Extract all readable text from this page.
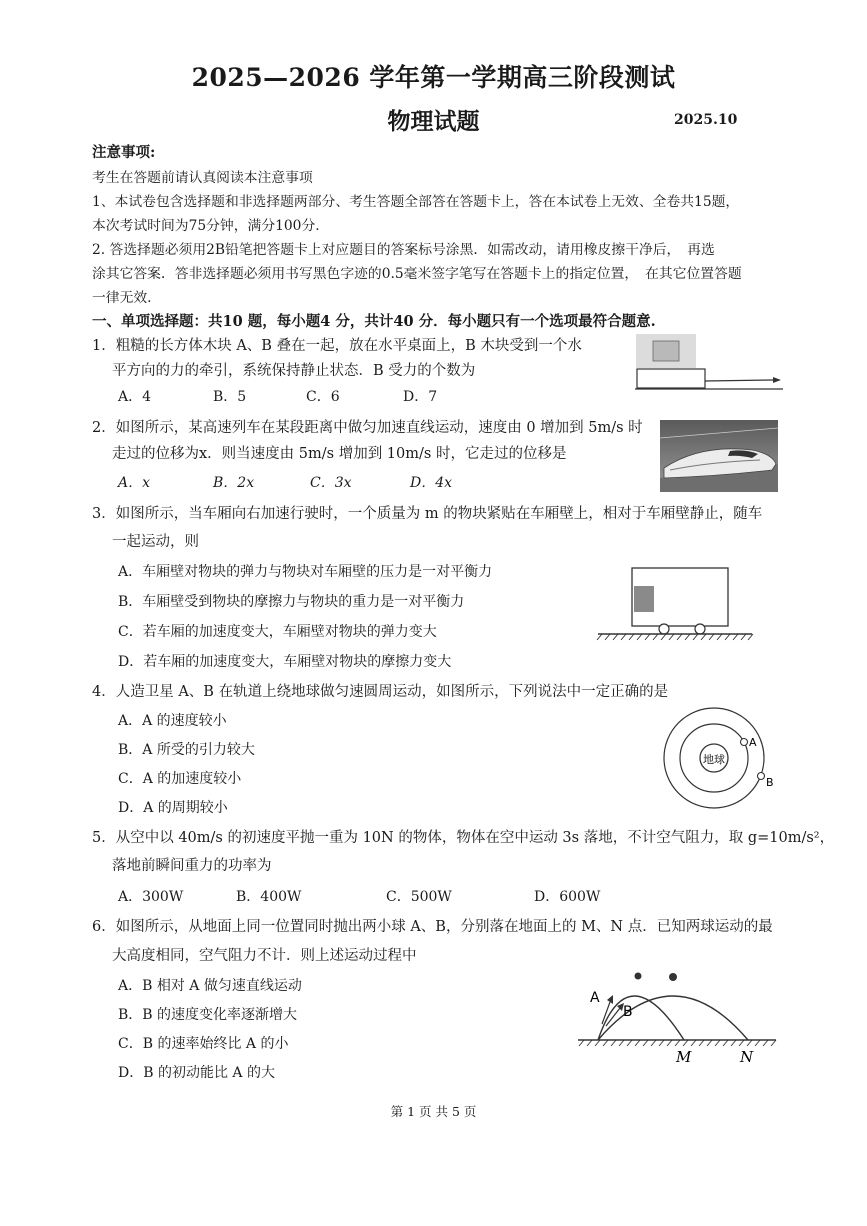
2025—2026 学年第一学期高三阶段测试
物理试题	2025.10
注意事项:
考生在答题前请认真阅读本注意事项
1、本试卷包含选择题和非选择题两部分、考生答题全部答在答题卡上，答在本试卷上无效、全卷共15题，
本次考试时间为75分钟，满分100分.
2. 答选择题必须用2B铅笔把答题卡上对应题目的答案标号涂黑．如需改动，请用橡皮擦干净后，　再选
涂其它答案．答非选择题必须用书写黑色字迹的0.5毫米签字笔写在答题卡上的指定位置，　在其它位置答题
一律无效.
一、单项选择题：共10 题，每小题4 分，共计40 分．每小题只有一个选项最符合题意.
1．粗糙的长方体木块 A、B 叠在一起，放在水平桌面上，B 木块受到一个水
平方向的力的牵引，系统保持静止状态．B 受力的个数为
A．4	B．5	C．6	D．7
2．如图所示，某高速列车在某段距离中做匀加速直线运动，速度由 0 增加到 5m/s 时
走过的位移为x．则当速度由 5m/s 增加到 10m/s 时，它走过的位移是
A．x	B．2x	C．3x	D．4x
3．如图所示，当车厢向右加速行驶时，一个质量为 m 的物块紧贴在车厢壁上，相对于车厢壁静止，随车
一起运动，则
A．车厢壁对物块的弹力与物块对车厢壁的压力是一对平衡力
B．车厢壁受到物块的摩擦力与物块的重力是一对平衡力
C．若车厢的加速度变大，车厢壁对物块的弹力变大
D．若车厢的加速度变大，车厢壁对物块的摩擦力变大
4．人造卫星 A、B 在轨道上绕地球做匀速圆周运动，如图所示，下列说法中一定正确的是
A．A 的速度较小
B．A 所受的引力较大
C．A 的加速度较小
D．A 的周期较小
地球
A
B
5．从空中以 40m/s 的初速度平抛一重为 10N 的物体，物体在空中运动 3s 落地，不计空气阻力，取 g=10m/s²，
落地前瞬间重力的功率为
A．300W	B．400W	C．500W	D．600W
6．如图所示，从地面上同一位置同时抛出两小球 A、B，分别落在地面上的 M、N 点．已知两球运动的最
大高度相同，空气阻力不计．则上述运动过程中
A．B 相对 A 做匀速直线运动
B．B 的速度变化率逐渐增大
C．B 的速率始终比 A 的小
D．B 的初动能比 A 的大
A
B
M	N
第 1 页 共 5 页
